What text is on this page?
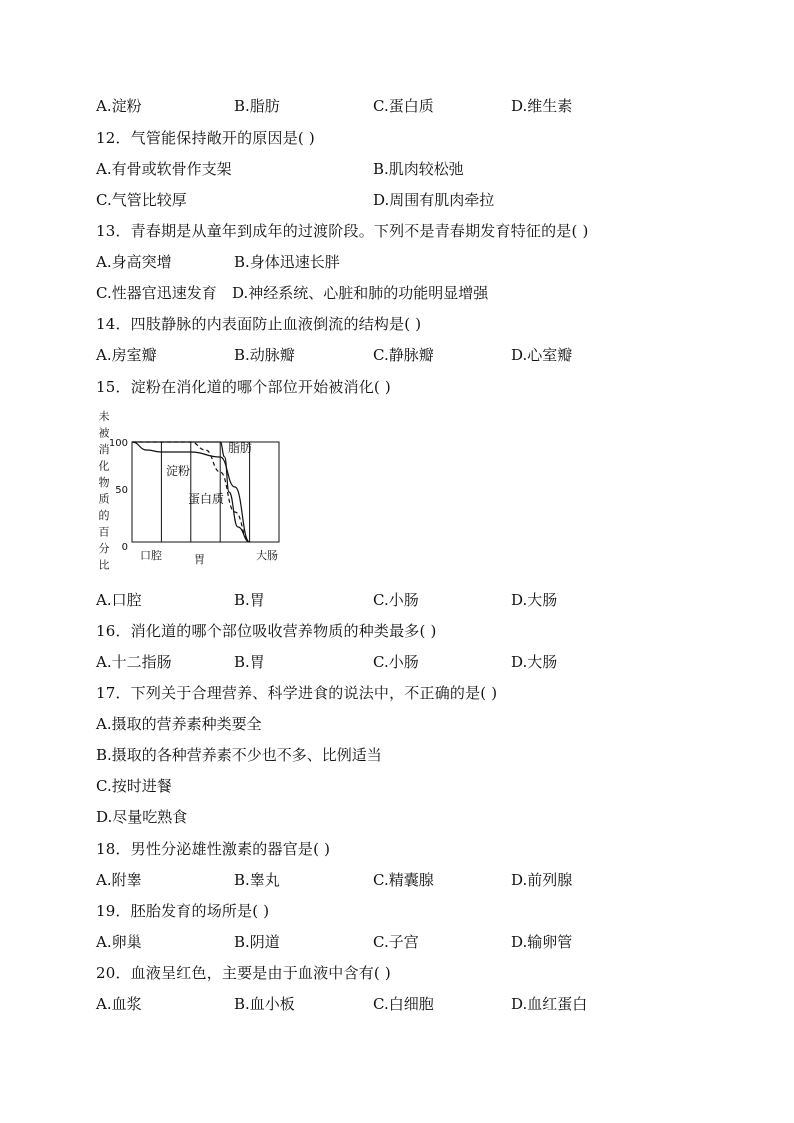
A.淀粉	B.脂肪	C.蛋白质	D.维生素
12．气管能保持敞开的原因是( )
A.有骨或软骨作支架	B.肌肉较松弛
C.气管比较厚	D.周围有肌肉牵拉
13．青春期是从童年到成年的过渡阶段。下列不是青春期发育特征的是( )
A.身高突增	B.身体迅速长胖
C.性器官迅速发育 D.神经系统、心脏和肺的功能明显增强
14．四肢静脉的内表面防止血液倒流的结构是( )
A.房室瓣	B.动脉瓣	C.静脉瓣	D.心室瓣
15．淀粉在消化道的哪个部位开始被消化( )
未
被
消
化
物
质
的
百
分
比
100
50
0
淀粉
蛋白质
脂肪
口腔	胃	大肠
A.口腔	B.胃	C.小肠	D.大肠
16．消化道的哪个部位吸收营养物质的种类最多( )
A.十二指肠	B.胃	C.小肠	D.大肠
17．下列关于合理营养、科学进食的说法中，不正确的是( )
A.摄取的营养素种类要全
B.摄取的各种营养素不少也不多、比例适当
C.按时进餐
D.尽量吃熟食
18．男性分泌雄性激素的器官是( )
A.附睾	B.睾丸	C.精囊腺	D.前列腺
19．胚胎发育的场所是( )
A.卵巢	B.阴道	C.子宫	D.输卵管
20．血液呈红色，主要是由于血液中含有( )
A.血浆	B.血小板	C.白细胞	D.血红蛋白
